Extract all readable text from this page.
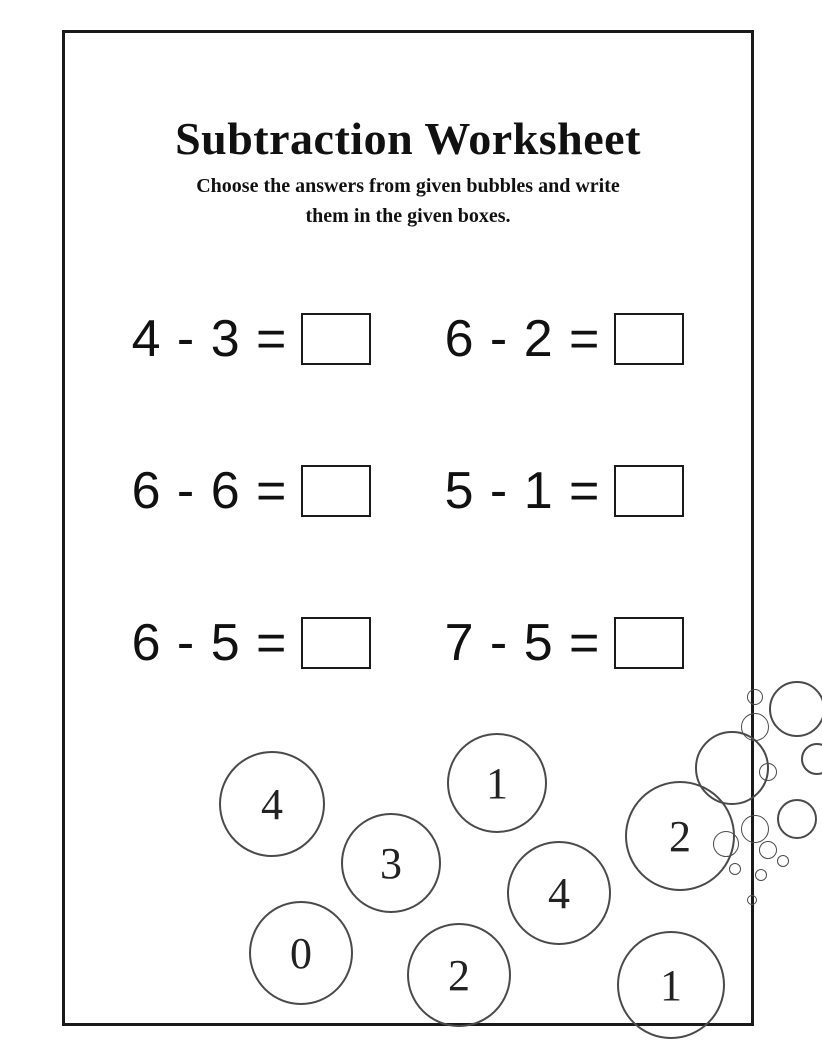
Subtraction Worksheet

Choose the answers from given bubbles and write them in the given boxes.

4 - 3 =	6 - 2 =
6 - 6 =	5 - 1 =
6 - 5 =	7 - 5 =
4	1
3
4
2
0	2	1
